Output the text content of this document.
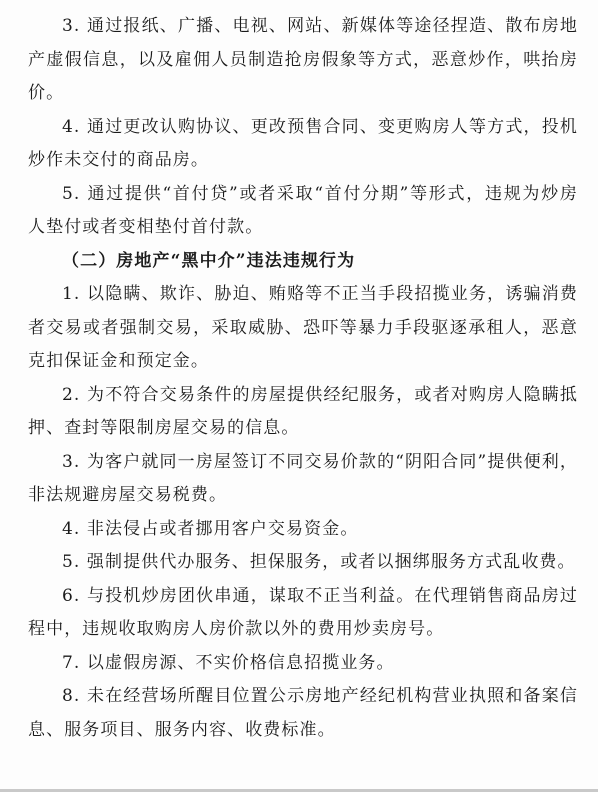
3. 通过报纸、广播、电视、网站、新媒体等途径捏造、散布房地产虚假信息，以及雇佣人员制造抢房假象等方式，恶意炒作，哄抬房价。

4. 通过更改认购协议、更改预售合同、变更购房人等方式，投机炒作未交付的商品房。

5. 通过提供“首付贷”或者采取“首付分期”等形式，违规为炒房人垫付或者变相垫付首付款。

（二）房地产“黑中介”违法违规行为

1. 以隐瞒、欺诈、胁迫、贿赂等不正当手段招揽业务，诱骗消费者交易或者强制交易，采取威胁、恐吓等暴力手段驱逐承租人，恶意克扣保证金和预定金。

2. 为不符合交易条件的房屋提供经纪服务，或者对购房人隐瞒抵押、查封等限制房屋交易的信息。

3. 为客户就同一房屋签订不同交易价款的“阴阳合同”提供便利，非法规避房屋交易税费。

4. 非法侵占或者挪用客户交易资金。

5. 强制提供代办服务、担保服务，或者以捆绑服务方式乱收费。

6. 与投机炒房团伙串通，谋取不正当利益。在代理销售商品房过程中，违规收取购房人房价款以外的费用炒卖房号。

7. 以虚假房源、不实价格信息招揽业务。

8. 未在经营场所醒目位置公示房地产经纪机构营业执照和备案信息、服务项目、服务内容、收费标准。
